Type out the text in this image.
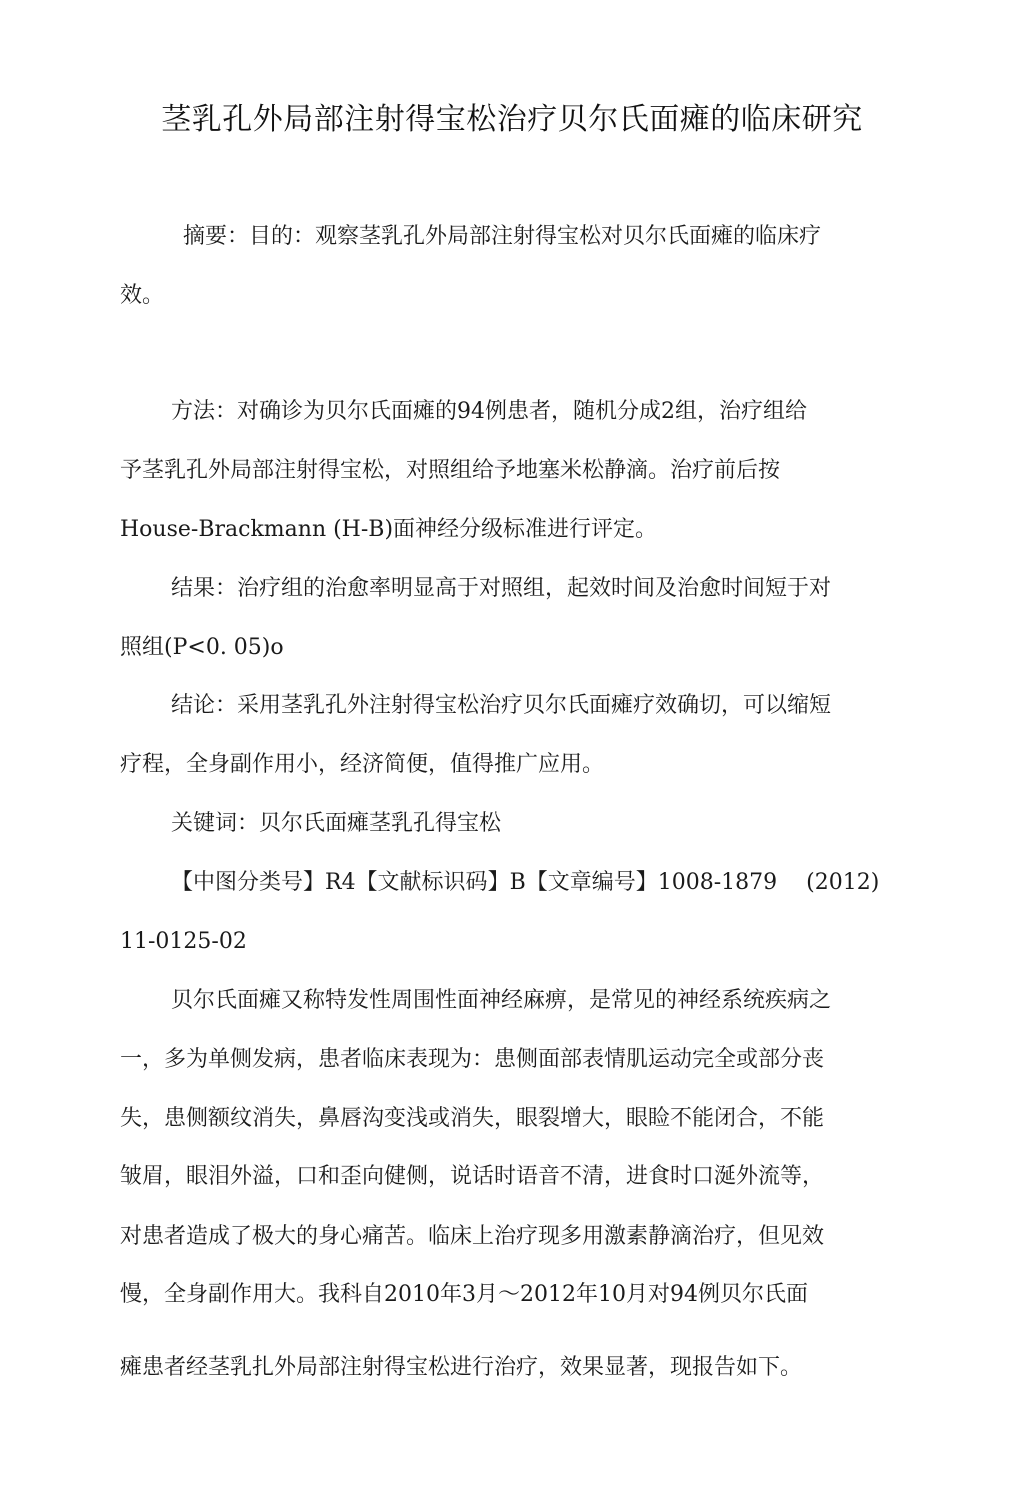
茎乳孔外局部注射得宝松治疗贝尔氏面瘫的临床研究
摘要：目的：观察茎乳孔外局部注射得宝松对贝尔氏面瘫的临床疗
效。
方法：对确诊为贝尔氏面瘫的94例患者，随机分成2组，治疗组给
予茎乳孔外局部注射得宝松，对照组给予地塞米松静滴。治疗前后按
House-Brackmann (H-B)面神经分级标准进行评定。
结果：治疗组的治愈率明显高于对照组，起效时间及治愈时间短于对
照组(P<0. 05)o
结论：采用茎乳孔外注射得宝松治疗贝尔氏面瘫疗效确切，可以缩短
疗程，全身副作用小，经济简便，值得推广应用。
关键词：贝尔氏面瘫茎乳孔得宝松
【中图分类号】R4【文献标识码】B【文章编号】1008-1879　 (2012)
11-0125-02
贝尔氏面瘫又称特发性周围性面神经麻痹，是常见的神经系统疾病之
一，多为单侧发病，患者临床表现为：患侧面部表情肌运动完全或部分丧
失，患侧额纹消失，鼻唇沟变浅或消失，眼裂增大，眼睑不能闭合，不能
皱眉，眼泪外溢，口和歪向健侧，说话时语音不清，进食时口涎外流等，
对患者造成了极大的身心痛苦。临床上治疗现多用激素静滴治疗，但见效
慢，全身副作用大。我科自2010年3月～2012年10月对94例贝尔氏面
瘫患者经茎乳扎外局部注射得宝松进行治疗，效果显著，现报告如下。
